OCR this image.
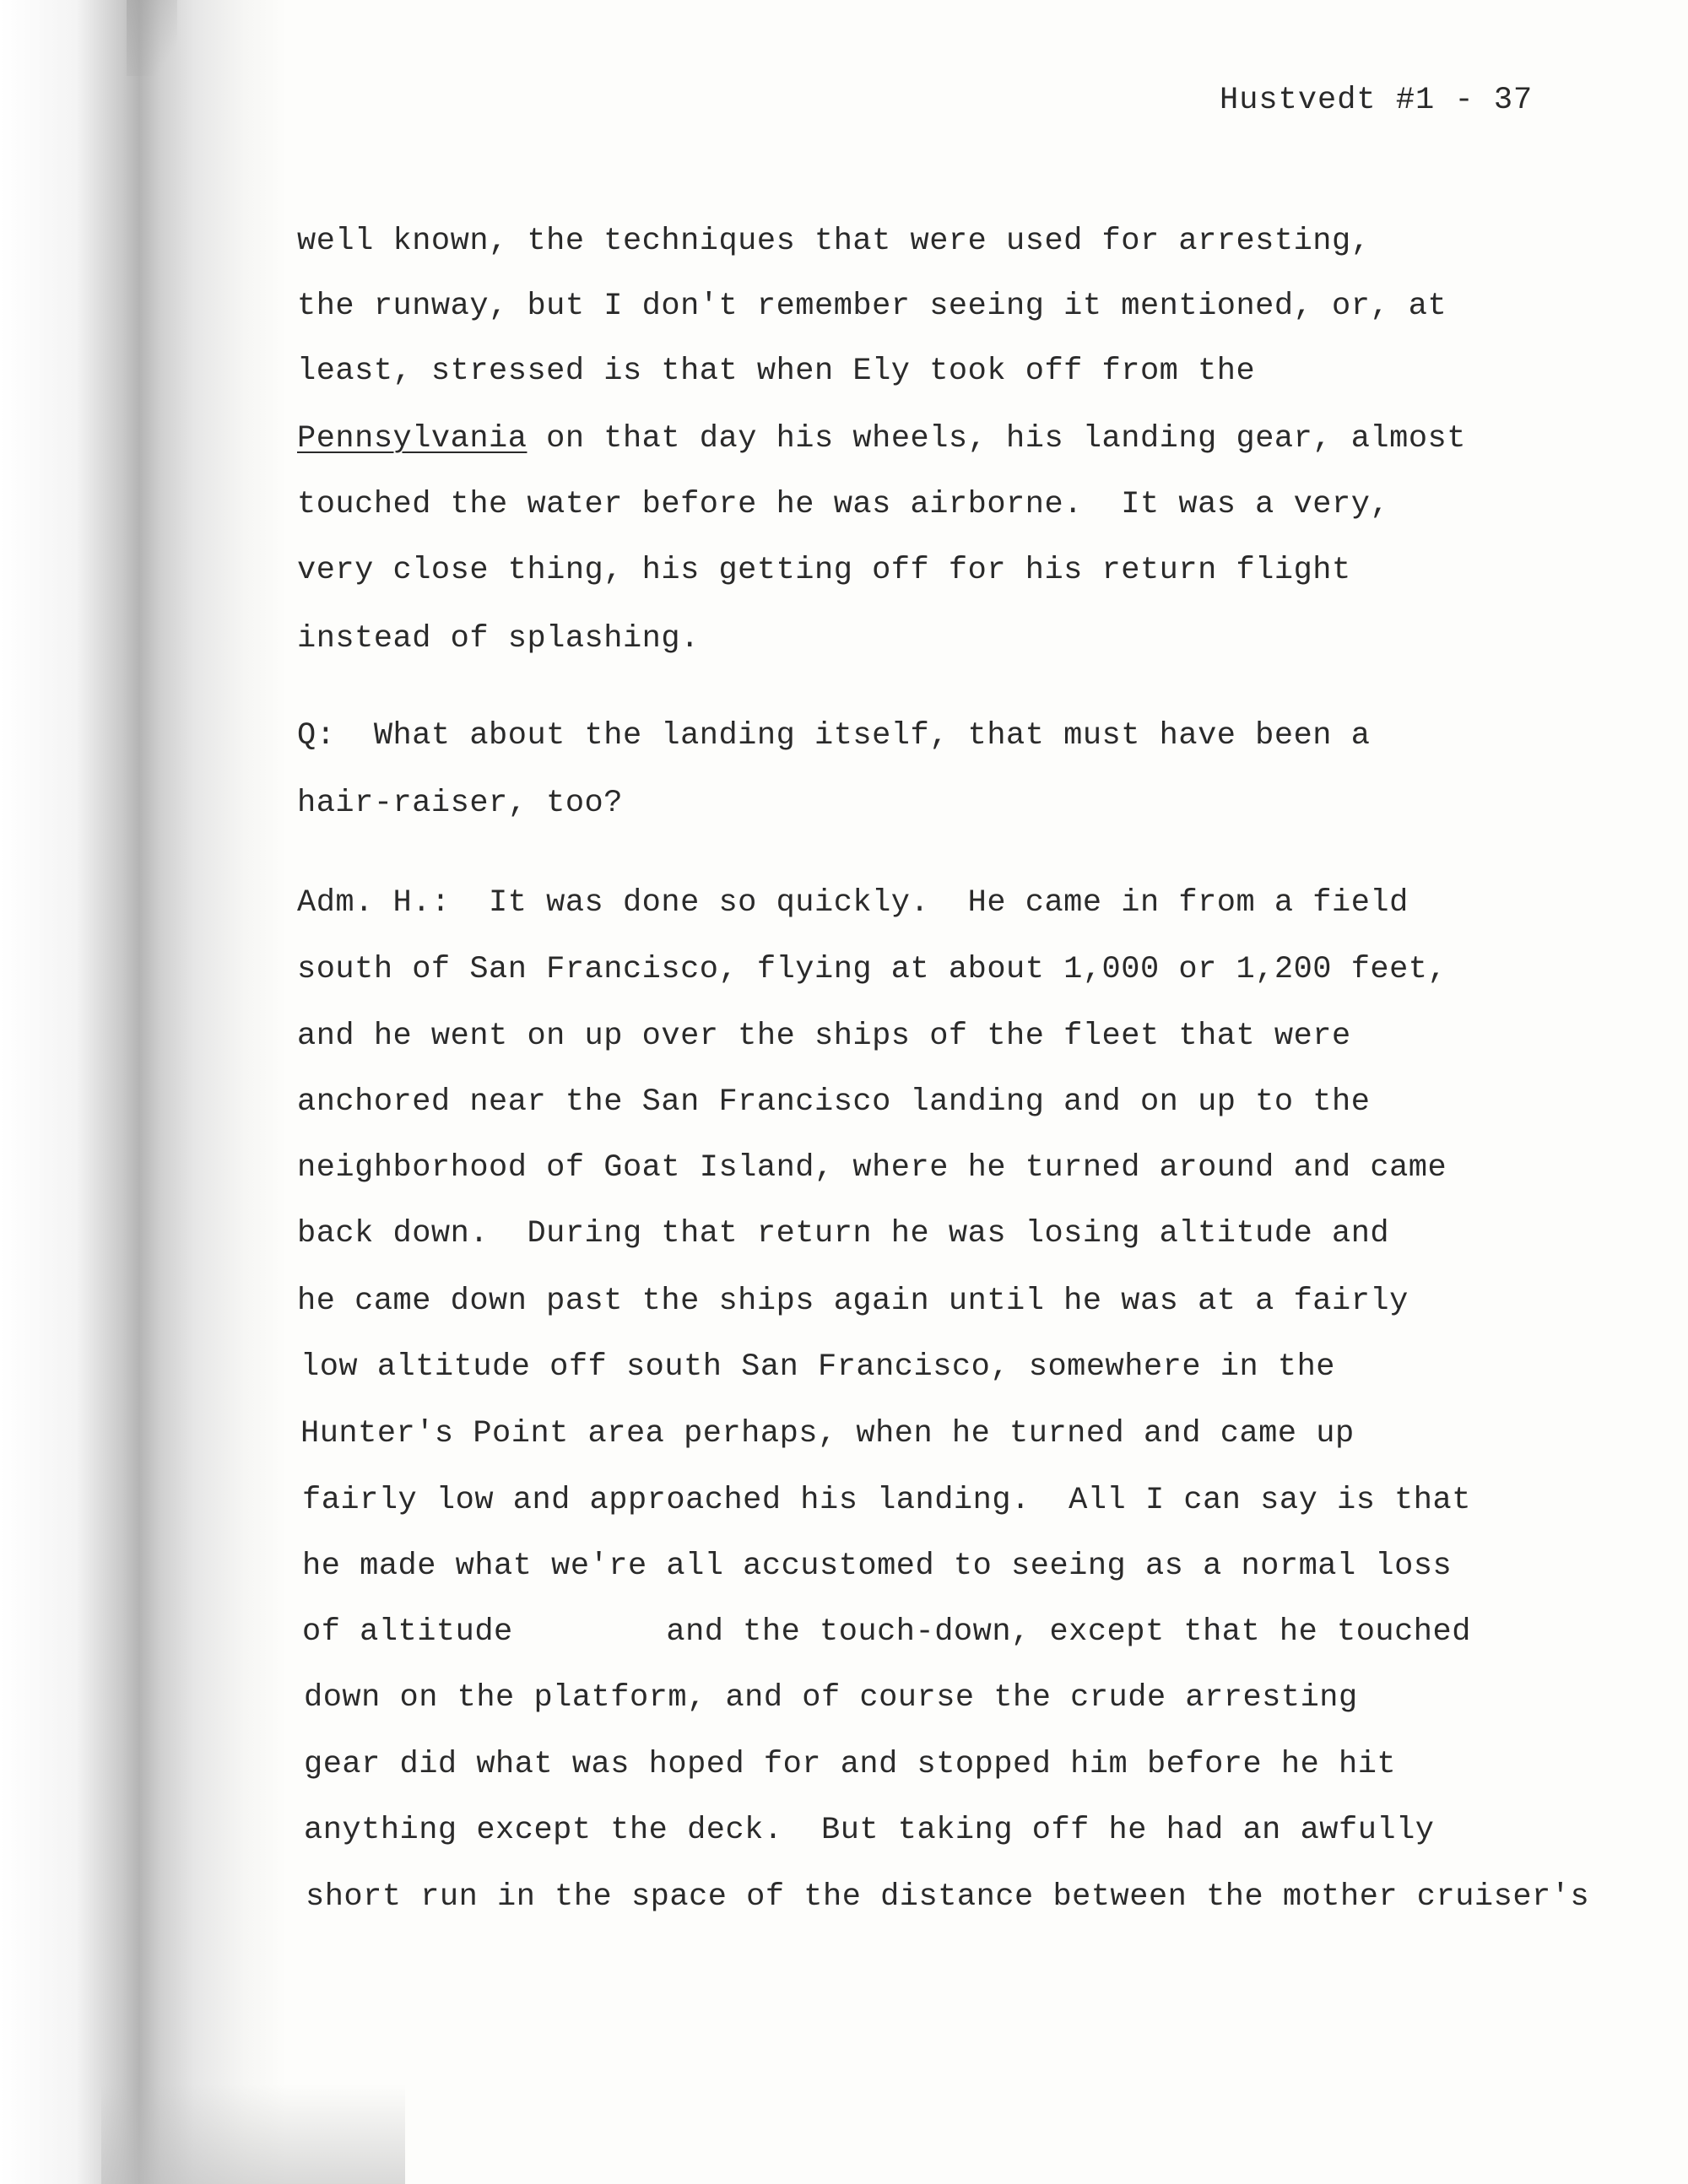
Hustvedt #1 - 37
well known, the techniques that were used for arresting,
the runway, but I don't remember seeing it mentioned, or, at
least, stressed is that when Ely took off from the
Pennsylvania on that day his wheels, his landing gear, almost
touched the water before he was airborne.  It was a very,
very close thing, his getting off for his return flight
instead of splashing.
Q:  What about the landing itself, that must have been a
hair-raiser, too?
Adm. H.:  It was done so quickly.  He came in from a field
south of San Francisco, flying at about 1,000 or 1,200 feet,
and he went on up over the ships of the fleet that were
anchored near the San Francisco landing and on up to the
neighborhood of Goat Island, where he turned around and came
back down.  During that return he was losing altitude and
he came down past the ships again until he was at a fairly
low altitude off south San Francisco, somewhere in the
Hunter's Point area perhaps, when he turned and came up
fairly low and approached his landing.  All I can say is that
he made what we're all accustomed to seeing as a normal loss
of altitude        and the touch-down, except that he touched
down on the platform, and of course the crude arresting
gear did what was hoped for and stopped him before he hit
anything except the deck.  But taking off he had an awfully
short run in the space of the distance between the mother cruiser's
